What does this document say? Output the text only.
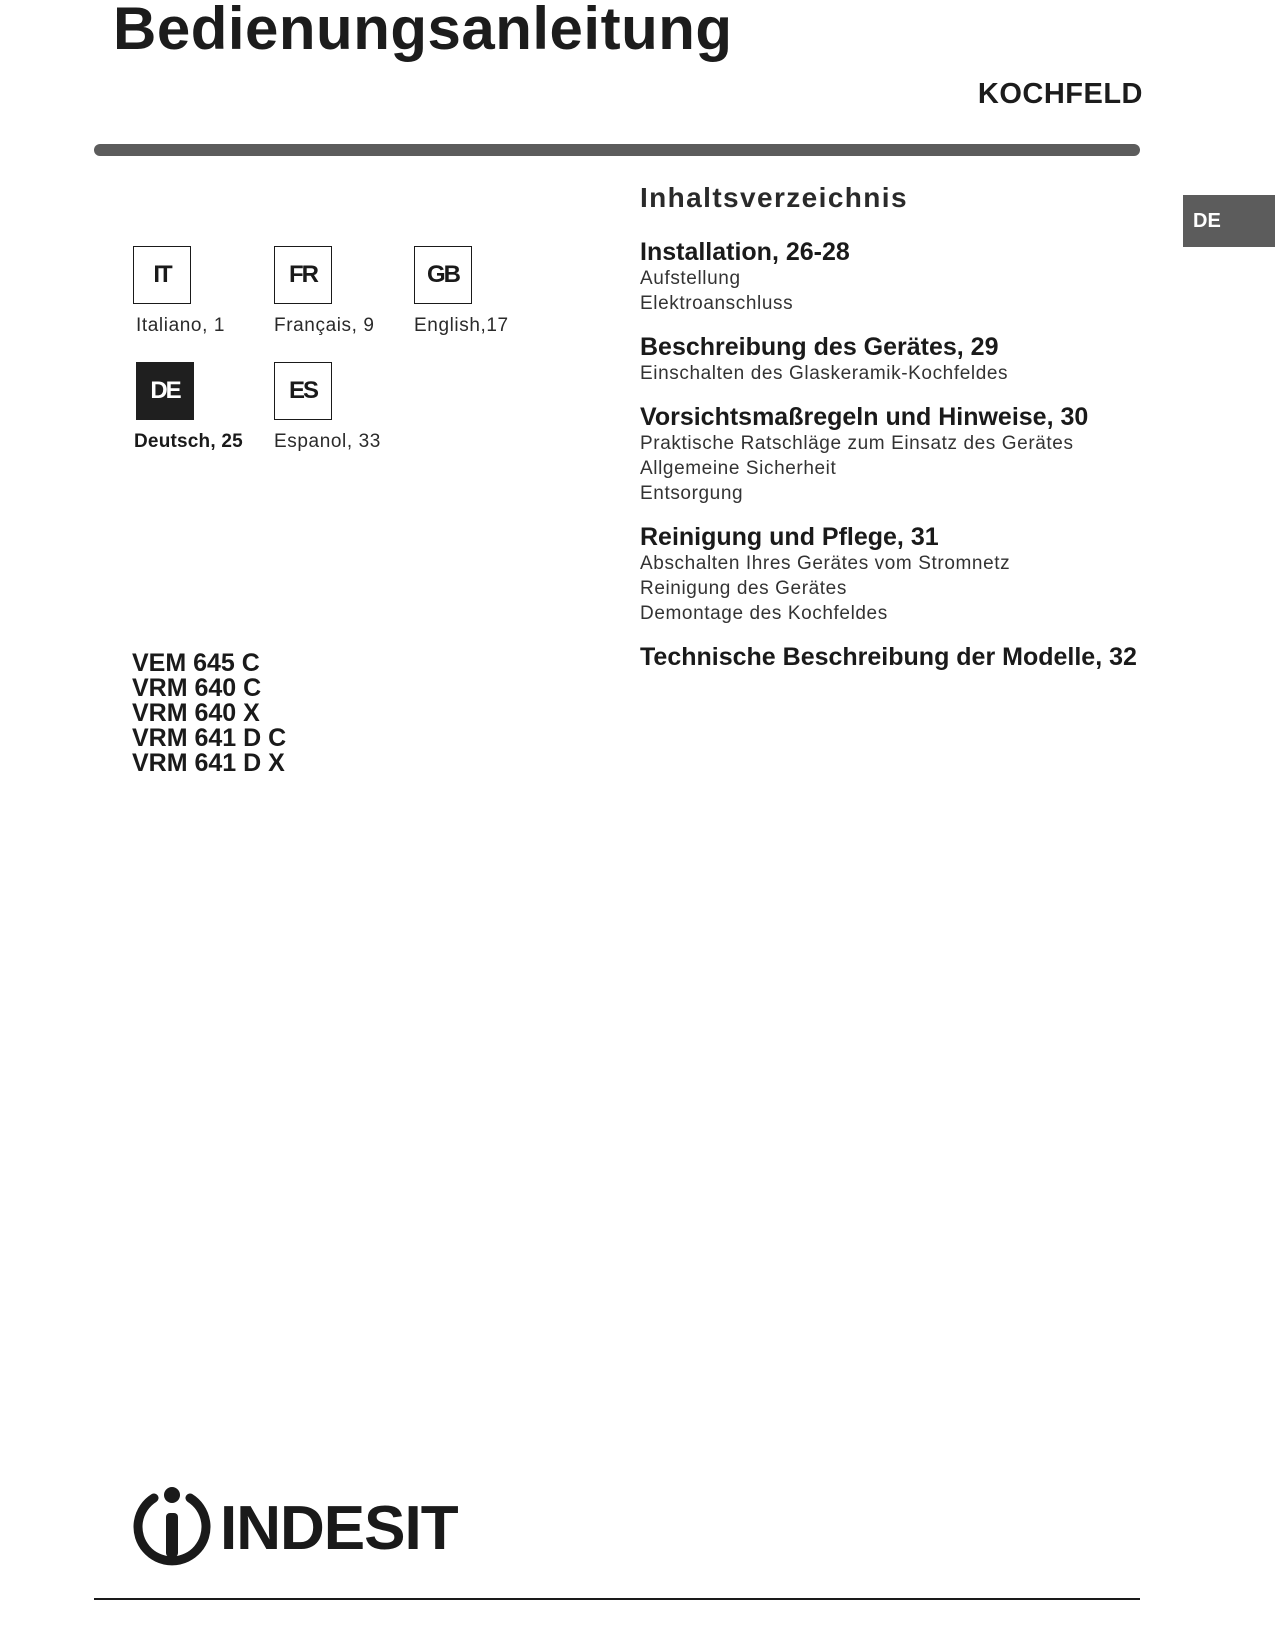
Bedienungsanleitung
KOCHFELD
DE
IT
Italiano, 1
FR
Français, 9
GB
English,17
DE
Deutsch, 25
ES
Espanol, 33
VEM 645 C
VRM 640 C
VRM 640 X
VRM 641 D C
VRM 641 D X
Inhaltsverzeichnis
Installation, 26-28
Aufstellung
Elektroanschluss
Beschreibung des Gerätes, 29
Einschalten des Glaskeramik-Kochfeldes
Vorsichtsmaßregeln und Hinweise, 30
Praktische Ratschläge zum Einsatz des Gerätes
Allgemeine Sicherheit
Entsorgung
Reinigung und Pflege, 31
Abschalten Ihres Gerätes vom Stromnetz
Reinigung des Gerätes
Demontage des Kochfeldes
Technische Beschreibung der Modelle, 32
INDESIT
